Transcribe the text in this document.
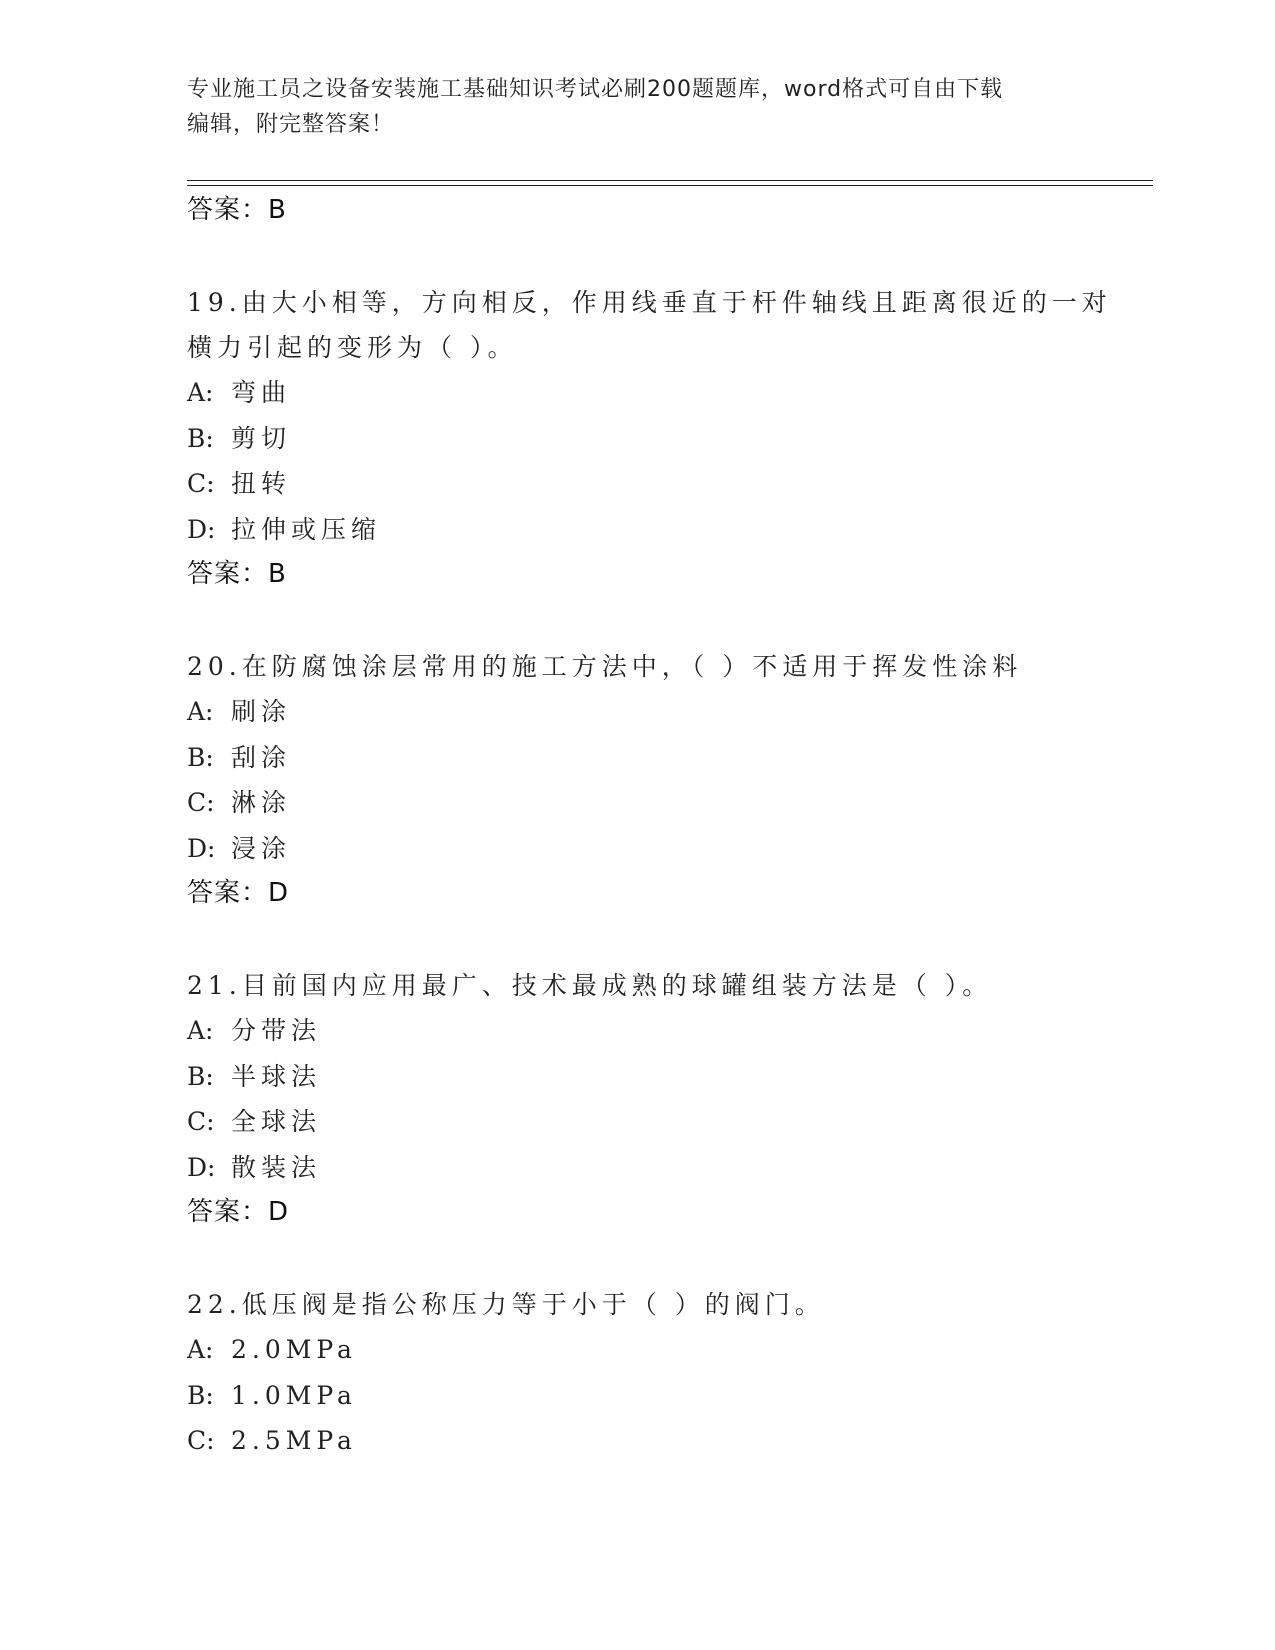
专业施工员之设备安装施工基础知识考试必刷200题题库，word格式可自由下载
编辑，附完整答案！
答案：B
19.由大小相等，方向相反，作用线垂直于杆件轴线且距离很近的一对
横力引起的变形为（ ）。
A: 弯曲
B: 剪切
C: 扭转
D: 拉伸或压缩
答案：B
20.在防腐蚀涂层常用的施工方法中，（ ）不适用于挥发性涂料
A: 刷涂
B: 刮涂
C: 淋涂
D: 浸涂
答案：D
21.目前国内应用最广、技术最成熟的球罐组装方法是（ ）。
A: 分带法
B: 半球法
C: 全球法
D: 散装法
答案：D
22.低压阀是指公称压力等于小于（ ）的阀门。
A: 2.0MPa
B: 1.0MPa
C: 2.5MPa
